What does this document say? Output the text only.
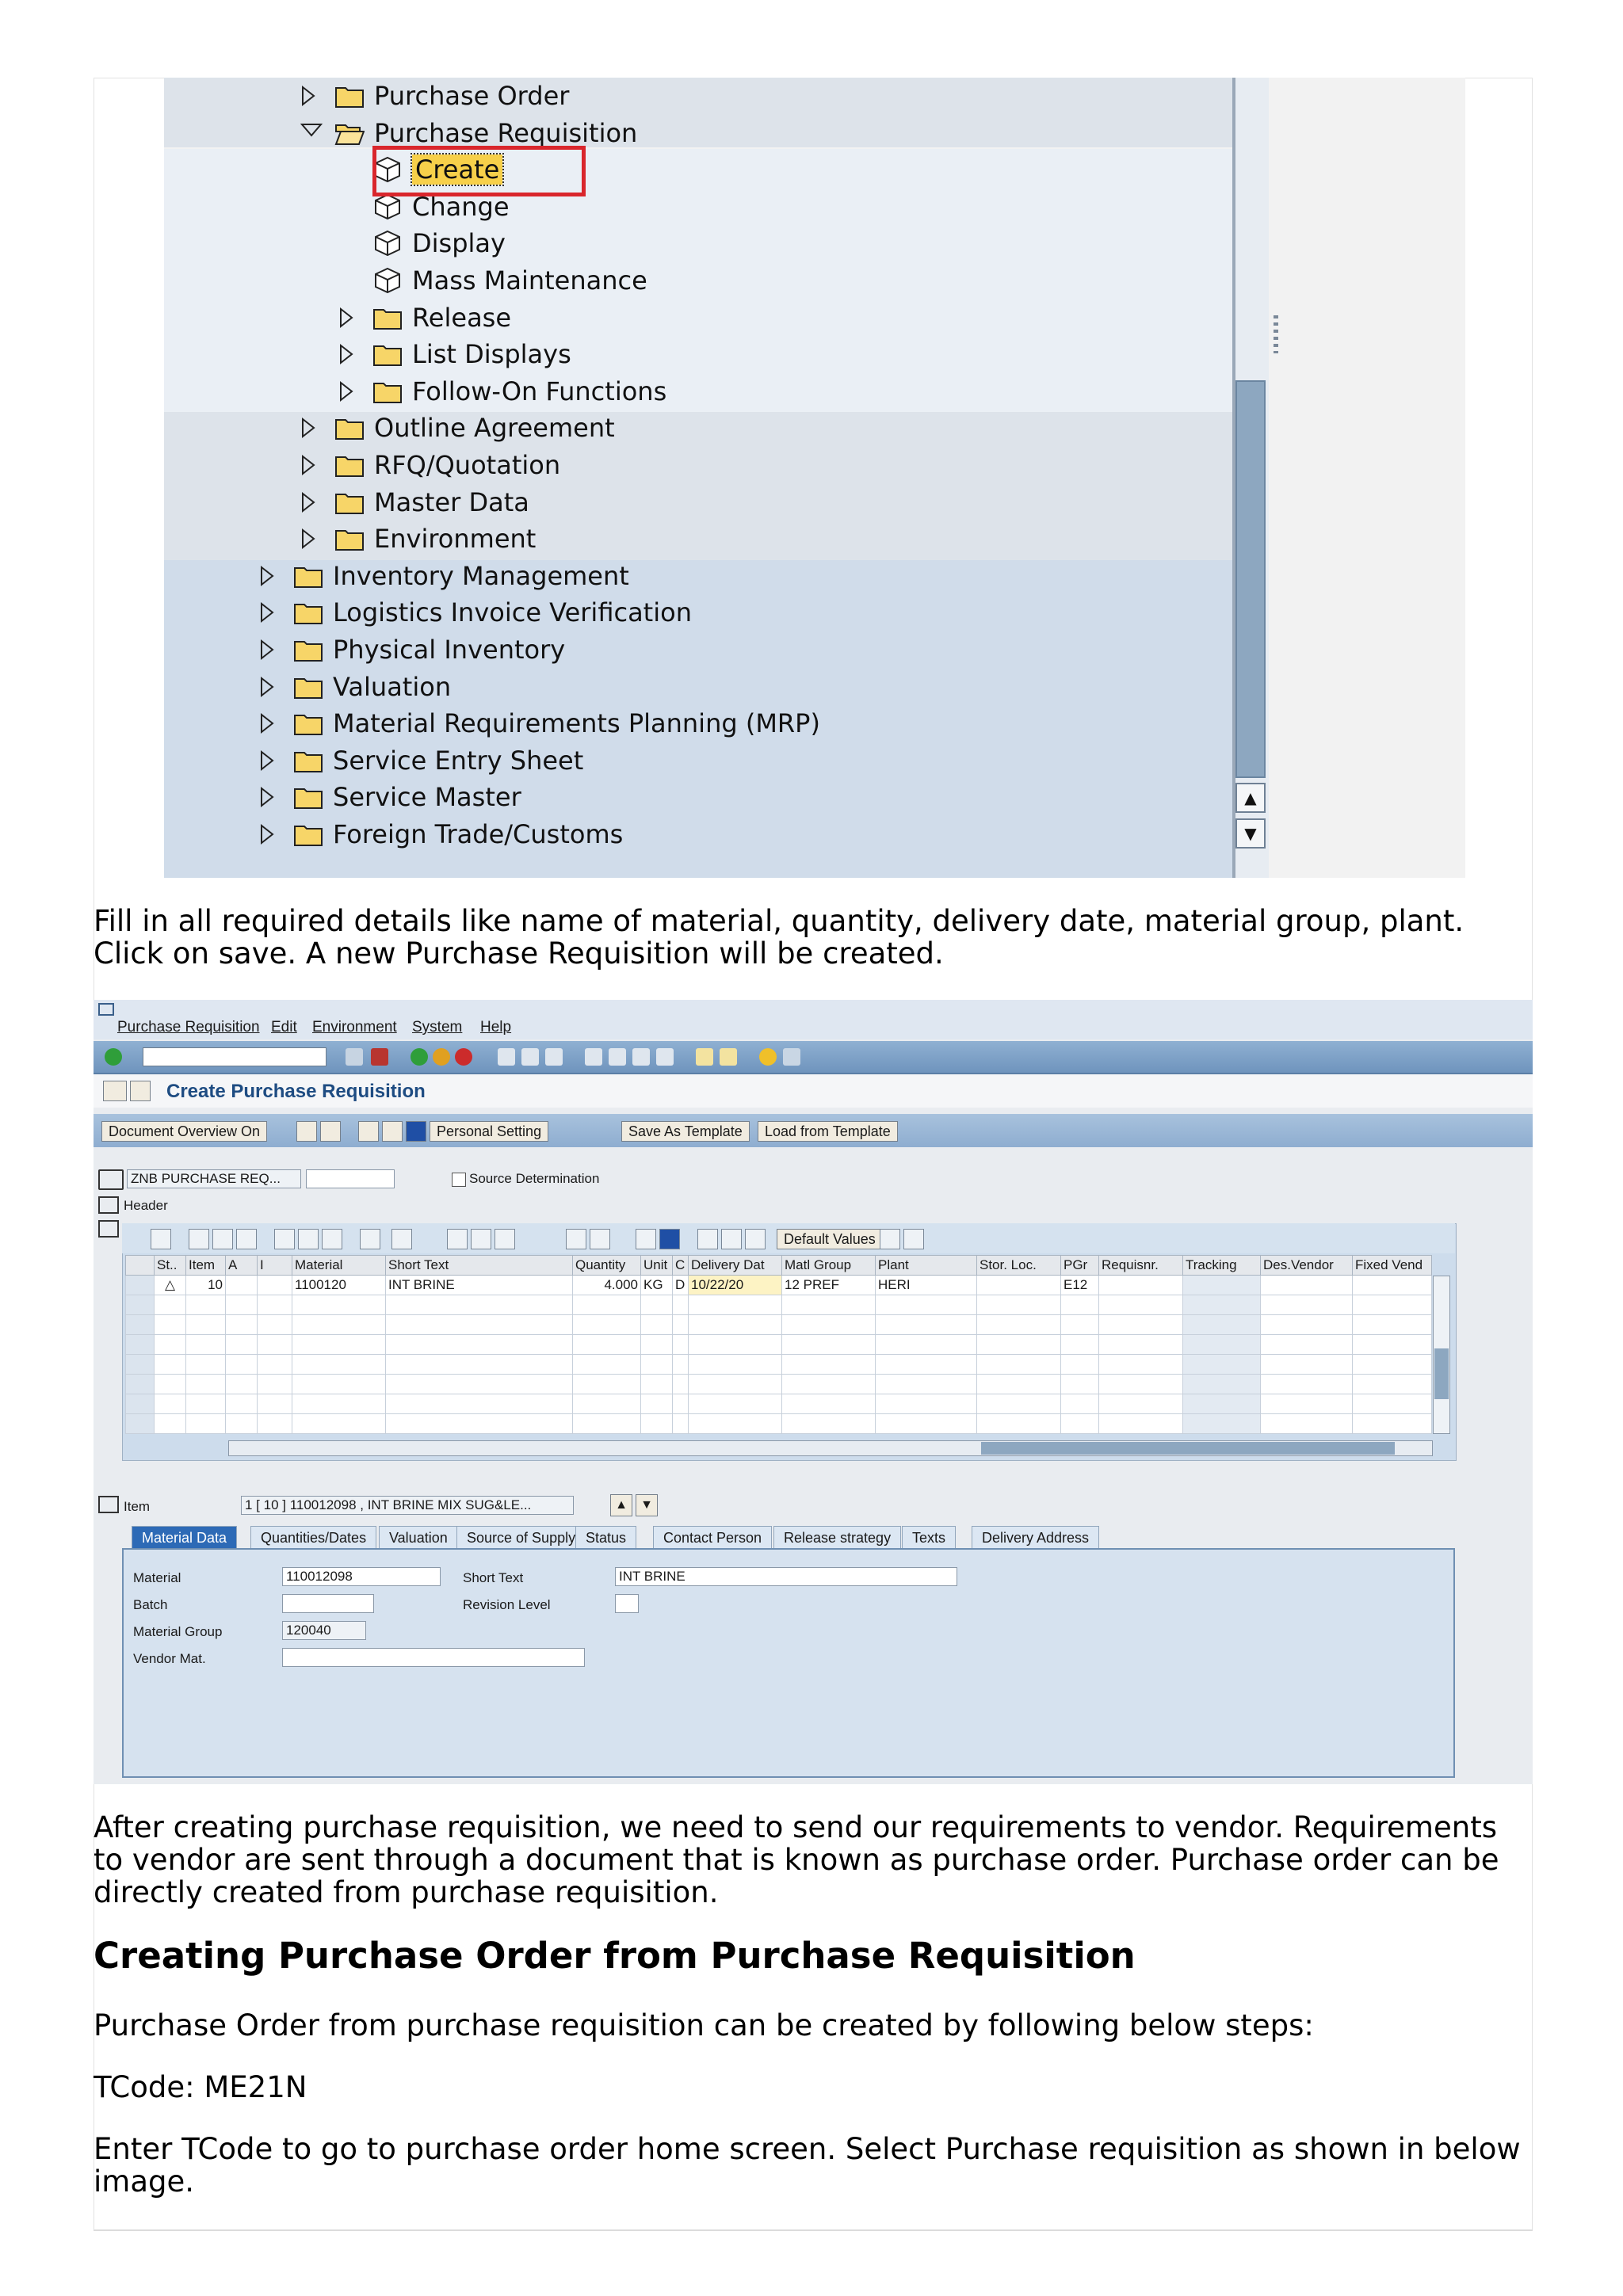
Purchase Order
Purchase Requisition
Create
Change
Display
Mass Maintenance
Release
List Displays
Follow-On Functions
Outline Agreement
RFQ/Quotation
Master Data
Environment
Inventory Management
Logistics Invoice Verification
Physical Inventory
Valuation
Material Requirements Planning (MRP)
Service Entry Sheet
Service Master
Foreign Trade/Customs
▲
▼

Fill in all required details like name of material, quantity, delivery date, material group, plant. Click on save. A new Purchase Requisition will be created.

Purchase Requisition Edit Environment System Help
Create Purchase Requisition
Document Overview On	Personal Setting	Save As Template	Load from Template
ZNB PURCHASE REQ...	Source Determination
Header
Default Values
	St..	Item	A	I	Material	Short Text	Quantity	Unit	C	Delivery Dat	Matl Group	Plant	Stor. Loc.	PGr	Requisnr.	Tracking	Des.Vendor	Fixed Vend
	△	10			1100120	INT BRINE	4.000	KG	D	10/22/20	12 PREF	HERI		E12				

Item	1 [ 10 ] 110012098 , INT BRINE MIX SUG&LE...	▲	▼
Material Data	Quantities/Dates	Valuation	Source of Supply Status	Contact Person	Release strategy	Texts	Delivery Address
Material	110012098	Short Text	INT BRINE
Batch	Revision Level
Material Group	120040
Vendor Mat.

After creating purchase requisition, we need to send our requirements to vendor. Requirements to vendor are sent through a document that is known as purchase order. Purchase order can be directly created from purchase requisition.

Creating Purchase Order from Purchase Requisition

Purchase Order from purchase requisition can be created by following below steps:

TCode: ME21N

Enter TCode to go to purchase order home screen. Select Purchase requisition as shown in below image.
